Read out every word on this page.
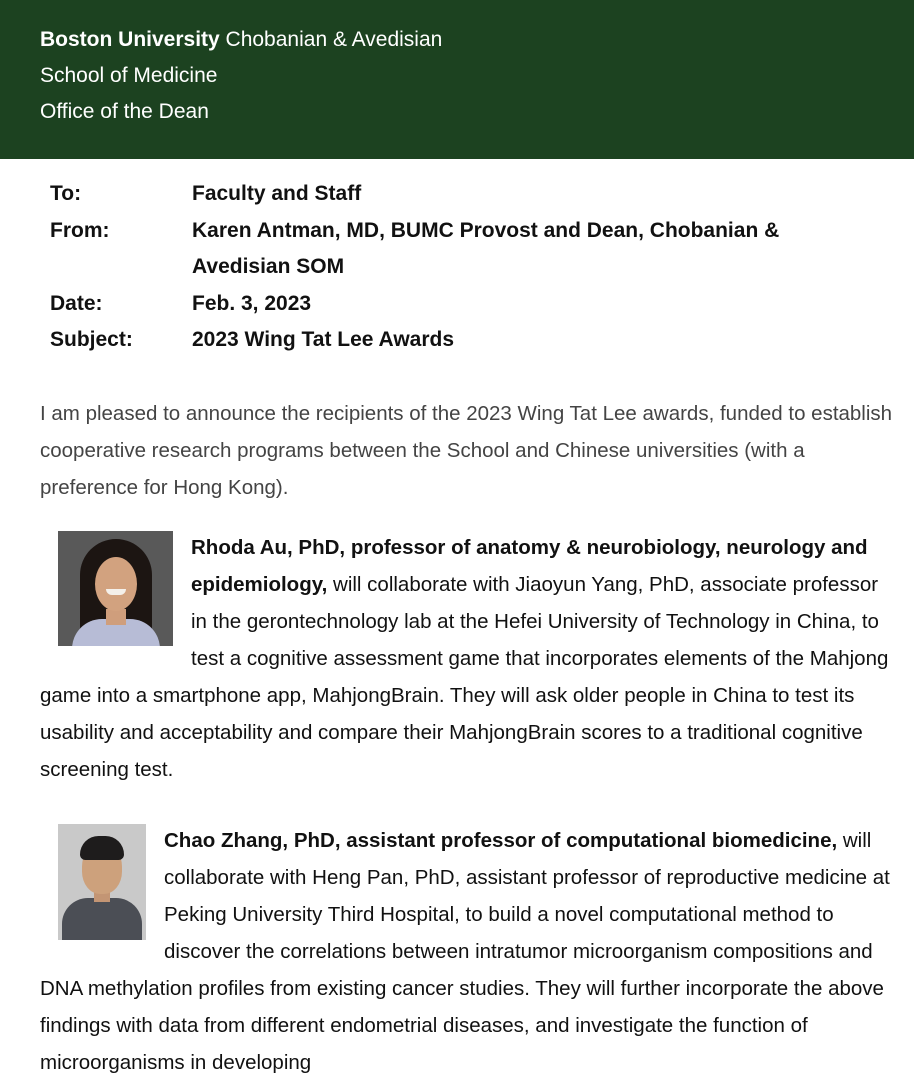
Boston University Chobanian & Avedisian
School of Medicine
Office of the Dean
To:	Faculty and Staff
From:	Karen Antman, MD, BUMC Provost and Dean, Chobanian & Avedisian SOM
Date:	Feb. 3, 2023
Subject:	2023 Wing Tat Lee Awards

I am pleased to announce the recipients of the 2023 Wing Tat Lee awards, funded to establish cooperative research programs between the School and Chinese universities (with a preference for Hong Kong).

Rhoda Au, PhD, professor of anatomy & neurobiology, neurology and epidemiology, will collaborate with Jiaoyun Yang, PhD, associate professor in the gerontechnology lab at the Hefei University of Technology in China, to test a cognitive assessment game that incorporates elements of the Mahjong game into a smartphone app, MahjongBrain. They will ask older people in China to test its usability and acceptability and compare their MahjongBrain scores to a traditional cognitive screening test.
Chao Zhang, PhD, assistant professor of computational biomedicine, will collaborate with Heng Pan, PhD, assistant professor of reproductive medicine at Peking University Third Hospital, to build a novel computational method to discover the correlations between intratumor microorganism compositions and DNA methylation profiles from existing cancer studies. They will further incorporate the above findings with data from different endometrial diseases, and investigate the function of microorganisms in developing
